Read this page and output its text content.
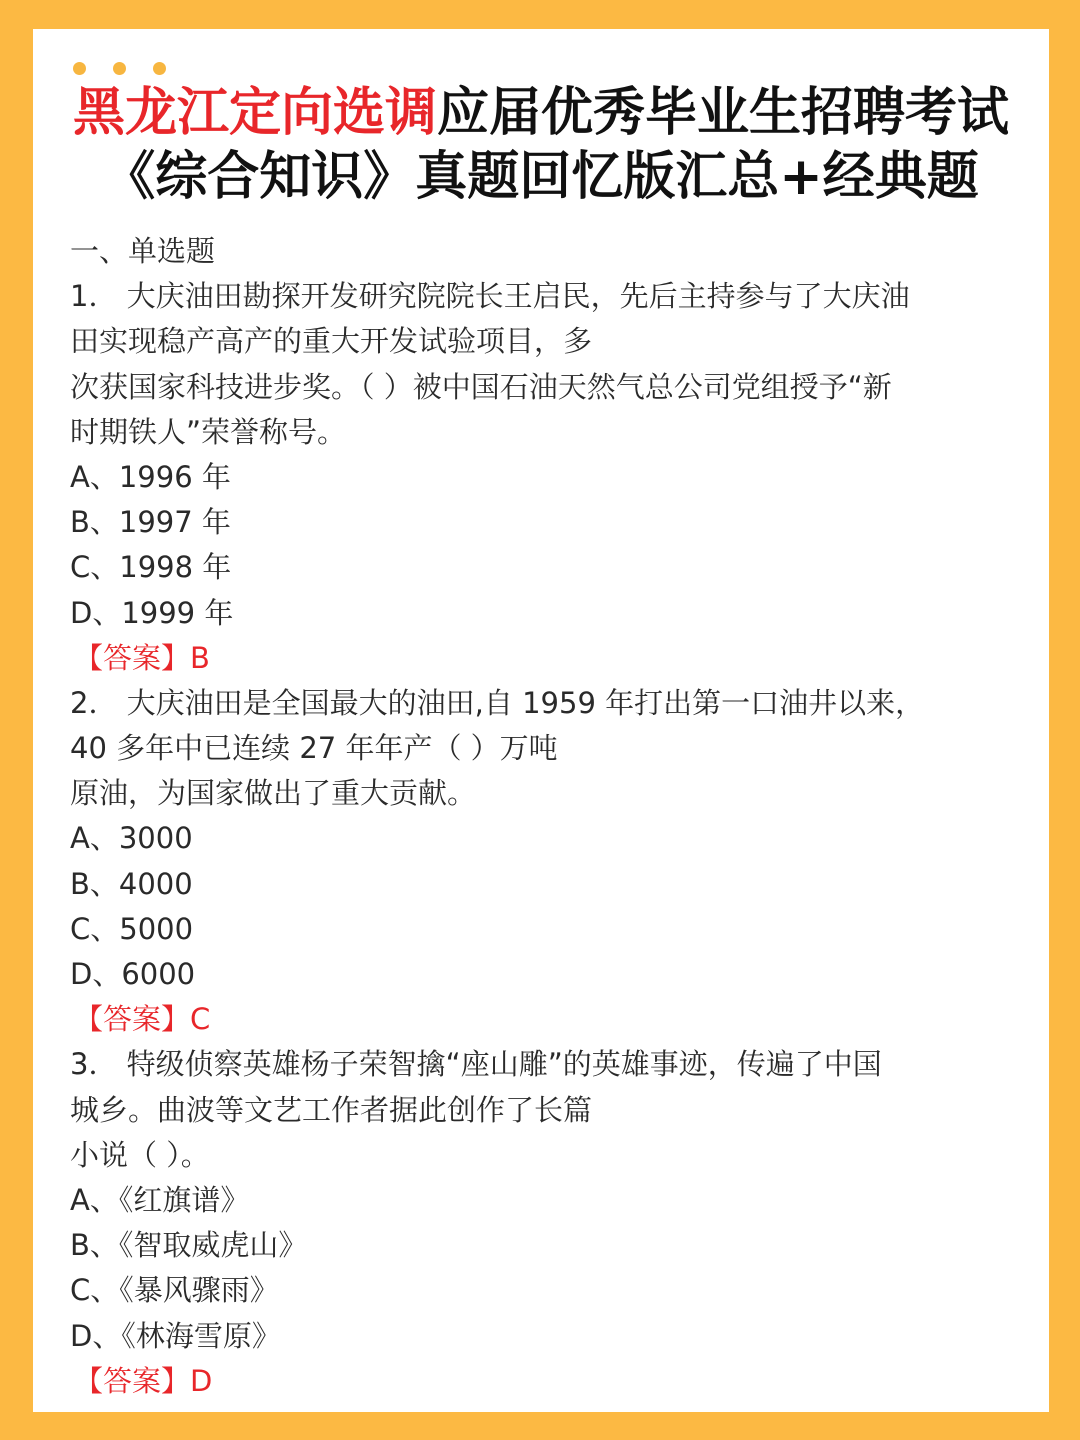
黑龙江定向选调应届优秀毕业生招聘考试
《综合知识》真题回忆版汇总+经典题
一、单选题
1． 大庆油田勘探开发研究院院长王启民，先后主持参与了大庆油
田实现稳产高产的重大开发试验项目，多
次获国家科技进步奖。（ ）被中国石油天然气总公司党组授予“新
时期铁人”荣誉称号。
A、1996 年
B、1997 年
C、1998 年
D、1999 年
【答案】B
2． 大庆油田是全国最大的油田,自 1959 年打出第一口油井以来，
40 多年中已连续 27 年年产（ ）万吨
原油，为国家做出了重大贡献。
A、3000
B、4000
C、5000
D、6000
【答案】C
3． 特级侦察英雄杨子荣智擒“座山雕”的英雄事迹，传遍了中国
城乡。曲波等文艺工作者据此创作了长篇
小说（ ）。
A、《红旗谱》
B、《智取威虎山》
C、《暴风骤雨》
D、《林海雪原》
【答案】D
